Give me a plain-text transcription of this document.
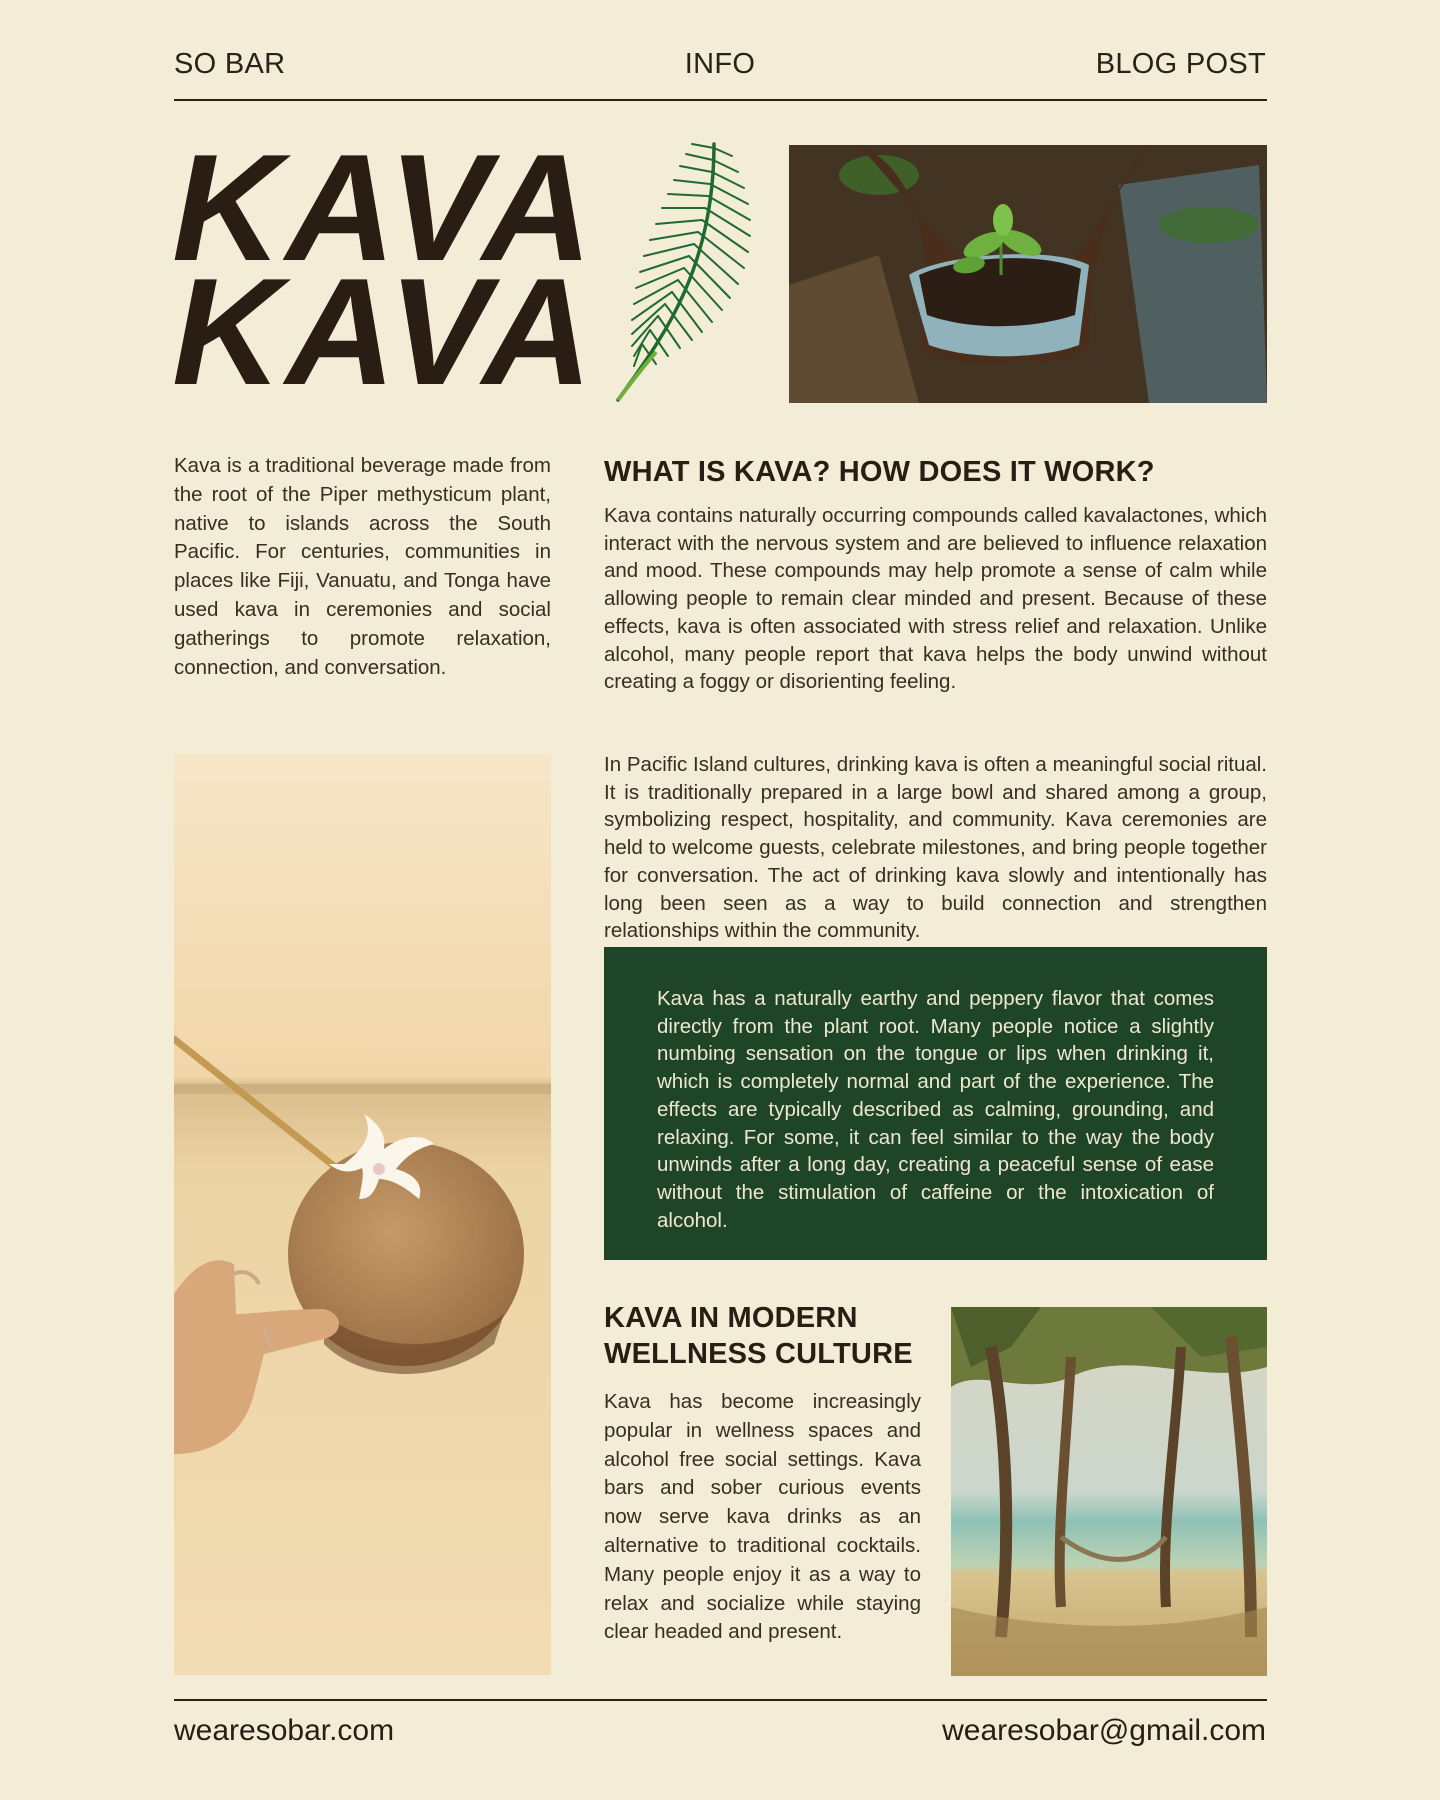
SO BAR	INFO	BLOG POST
KAVA
KAVA
Kava is a traditional beverage made from the root of the Piper methysticum plant, native to islands across the South Pacific. For centuries, communities in places like Fiji, Vanuatu, and Tonga have used kava in ceremonies and social gatherings to promote relaxation, connection, and conversation.
WHAT IS KAVA? HOW DOES IT WORK?
Kava contains naturally occurring compounds called kavalactones, which interact with the nervous system and are believed to influence relaxation and mood. These compounds may help promote a sense of calm while allowing people to remain clear minded and present. Because of these effects, kava is often associated with stress relief and relaxation. Unlike alcohol, many people report that kava helps the body unwind without creating a foggy or disorienting feeling.
In Pacific Island cultures, drinking kava is often a meaningful social ritual. It is traditionally prepared in a large bowl and shared among a group, symbolizing respect, hospitality, and community. Kava ceremonies are held to welcome guests, celebrate milestones, and bring people together for conversation. The act of drinking kava slowly and intentionally has long been seen as a way to build connection and strengthen relationships within the community.
Kava has a naturally earthy and peppery flavor that comes directly from the plant root. Many people notice a slightly numbing sensation on the tongue or lips when drinking it, which is completely normal and part of the experience. The effects are typically described as calming, grounding, and relaxing. For some, it can feel similar to the way the body unwinds after a long day, creating a peaceful sense of ease without the stimulation of caffeine or the intoxication of alcohol.
KAVA IN MODERN
WELLNESS CULTURE
Kava has become increasingly popular in wellness spaces and alcohol free social settings. Kava bars and sober curious events now serve kava drinks as an alternative to traditional cocktails. Many people enjoy it as a way to relax and socialize while staying clear headed and present.
wearesobar.com	wearesobar@gmail.com
